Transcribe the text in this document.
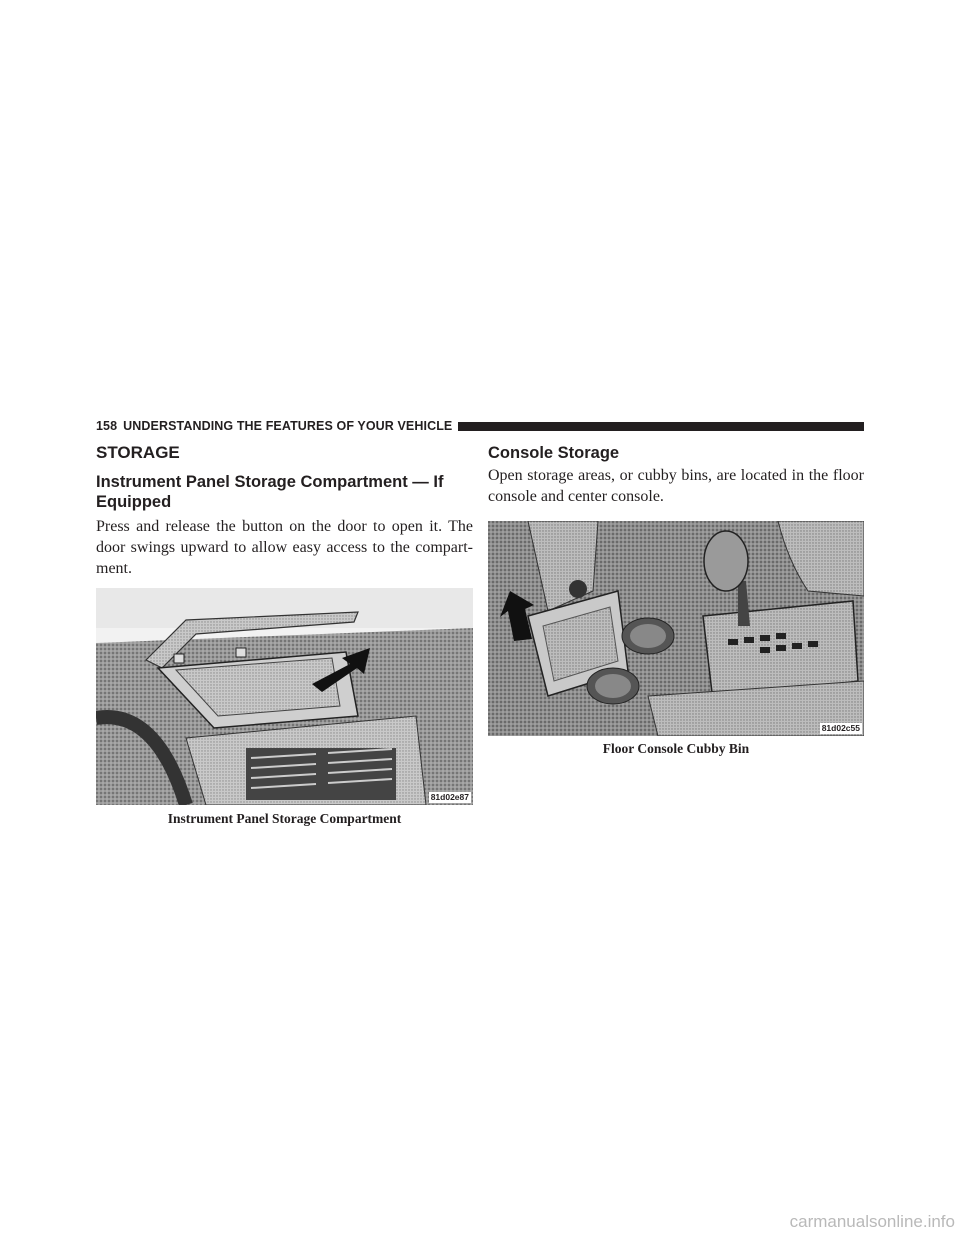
158 UNDERSTANDING THE FEATURES OF YOUR VEHICLE
STORAGE
Instrument Panel Storage Compartment — If Equipped

Press and release the button on the door to open it. The door swings upward to allow easy access to the compart-ment.

81d02e87
Instrument Panel Storage Compartment
Console Storage

Open storage areas, or cubby bins, are located in the floor console and center console.

81d02c55
Floor Console Cubby Bin
carmanualsonline.info
